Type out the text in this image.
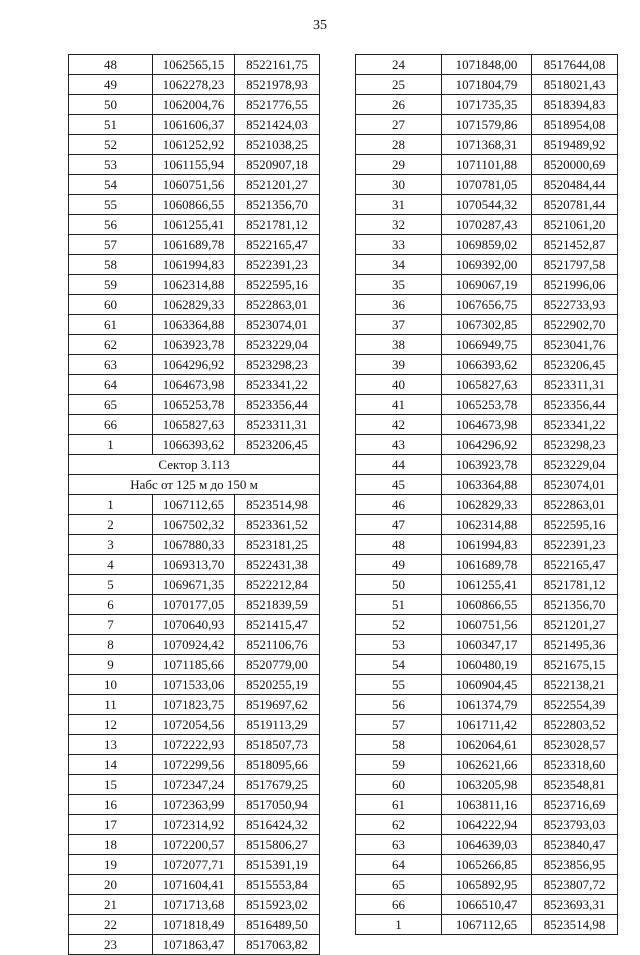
35
48	1062565,15	8522161,75
49	1062278,23	8521978,93
50	1062004,76	8521776,55
51	1061606,37	8521424,03
52	1061252,92	8521038,25
53	1061155,94	8520907,18
54	1060751,56	8521201,27
55	1060866,55	8521356,70
56	1061255,41	8521781,12
57	1061689,78	8522165,47
58	1061994,83	8522391,23
59	1062314,88	8522595,16
60	1062829,33	8522863,01
61	1063364,88	8523074,01
62	1063923,78	8523229,04
63	1064296,92	8523298,23
64	1064673,98	8523341,22
65	1065253,78	8523356,44
66	1065827,63	8523311,31
1	1066393,62	8523206,45
Сектор 3.113		
Набс от 125 м до 150 м		
1	1067112,65	8523514,98
2	1067502,32	8523361,52
3	1067880,33	8523181,25
4	1069313,70	8522431,38
5	1069671,35	8522212,84
6	1070177,05	8521839,59
7	1070640,93	8521415,47
8	1070924,42	8521106,76
9	1071185,66	8520779,00
10	1071533,06	8520255,19
11	1071823,75	8519697,62
12	1072054,56	8519113,29
13	1072222,93	8518507,73
14	1072299,56	8518095,66
15	1072347,24	8517679,25
16	1072363,99	8517050,94
17	1072314,92	8516424,32
18	1072200,57	8515806,27
19	1072077,71	8515391,19
20	1071604,41	8515553,84
21	1071713,68	8515923,02
22	1071818,49	8516489,50
23	1071863,47	8517063,82
24	1071848,00	8517644,08
25	1071804,79	8518021,43
26	1071735,35	8518394,83
27	1071579,86	8518954,08
28	1071368,31	8519489,92
29	1071101,88	8520000,69
30	1070781,05	8520484,44
31	1070544,32	8520781,44
32	1070287,43	8521061,20
33	1069859,02	8521452,87
34	1069392,00	8521797,58
35	1069067,19	8521996,06
36	1067656,75	8522733,93
37	1067302,85	8522902,70
38	1066949,75	8523041,76
39	1066393,62	8523206,45
40	1065827,63	8523311,31
41	1065253,78	8523356,44
42	1064673,98	8523341,22
43	1064296,92	8523298,23
44	1063923,78	8523229,04
45	1063364,88	8523074,01
46	1062829,33	8522863,01
47	1062314,88	8522595,16
48	1061994,83	8522391,23
49	1061689,78	8522165,47
50	1061255,41	8521781,12
51	1060866,55	8521356,70
52	1060751,56	8521201,27
53	1060347,17	8521495,36
54	1060480,19	8521675,15
55	1060904,45	8522138,21
56	1061374,79	8522554,39
57	1061711,42	8522803,52
58	1062064,61	8523028,57
59	1062621,66	8523318,60
60	1063205,98	8523548,81
61	1063811,16	8523716,69
62	1064222,94	8523793,03
63	1064639,03	8523840,47
64	1065266,85	8523856,95
65	1065892,95	8523807,72
66	1066510,47	8523693,31
1	1067112,65	8523514,98
